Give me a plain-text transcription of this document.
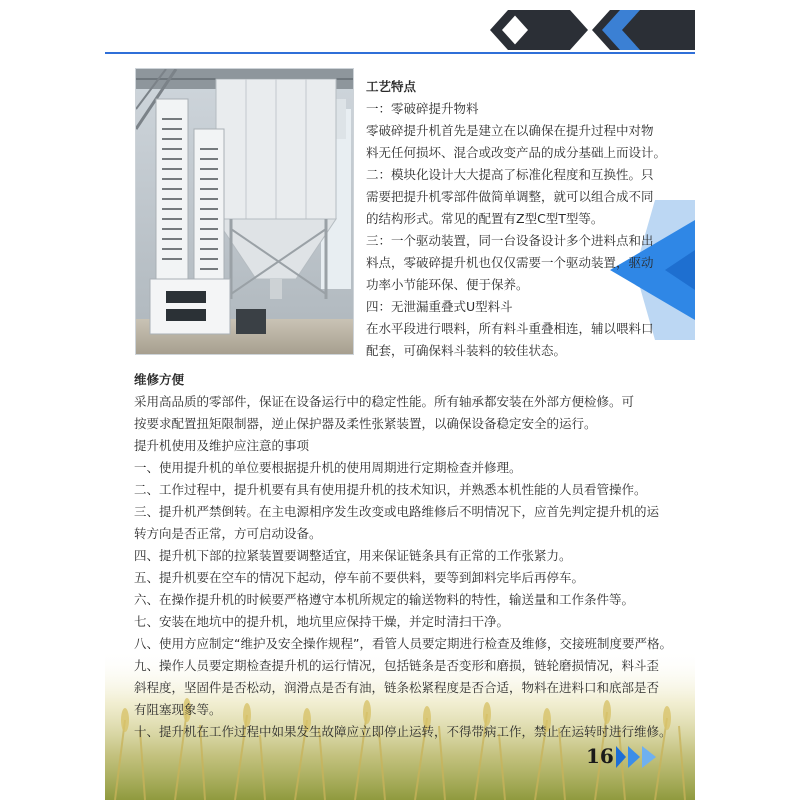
工艺特点
一：零破碎提升物料
零破碎提升机首先是建立在以确保在提升过程中对物
料无任何损坏、混合或改变产品的成分基础上而设计。
二：模块化设计大大提高了标准化程度和互换性。只
需要把提升机零部件做简单调整，就可以组合成不同
的结构形式。常见的配置有Z型C型T型等。
三：一个驱动装置，同一台设备设计多个进料点和出
料点，零破碎提升机也仅仅需要一个驱动装置，驱动
功率小节能环保、便于保养。
四：无泄漏重叠式U型料斗
在水平段进行喂料，所有料斗重叠相连，辅以喂料口
配套，可确保料斗装料的较佳状态。
维修方便
采用高品质的零部件，保证在设备运行中的稳定性能。所有轴承都安装在外部方便检修。可
按要求配置扭矩限制器，逆止保护器及柔性张紧装置，以确保设备稳定安全的运行。
提升机使用及维护应注意的事项
一、使用提升机的单位要根据提升机的使用周期进行定期检查并修理。
二、工作过程中，提升机要有具有使用提升机的技术知识，并熟悉本机性能的人员看管操作。
三、提升机严禁倒转。在主电源相序发生改变或电路维修后不明情况下，应首先判定提升机的运
转方向是否正常，方可启动设备。
四、提升机下部的拉紧装置要调整适宜，用来保证链条具有正常的工作张紧力。
五、提升机要在空车的情况下起动，停车前不要供料，要等到卸料完毕后再停车。
六、在操作提升机的时候要严格遵守本机所规定的输送物料的特性，输送量和工作条件等。
七、安装在地坑中的提升机，地坑里应保持干燥，并定时清扫干净。
八、使用方应制定“维护及安全操作规程”，看管人员要定期进行检查及维修，交接班制度要严格。
九、操作人员要定期检查提升机的运行情况，包括链条是否变形和磨损，链轮磨损情况，料斗歪
斜程度，坚固件是否松动，润滑点是否有油，链条松紧程度是否合适，物料在进料口和底部是否
有阻塞现象等。
十、提升机在工作过程中如果发生故障应立即停止运转，不得带病工作，禁止在运转时进行维修。
16
